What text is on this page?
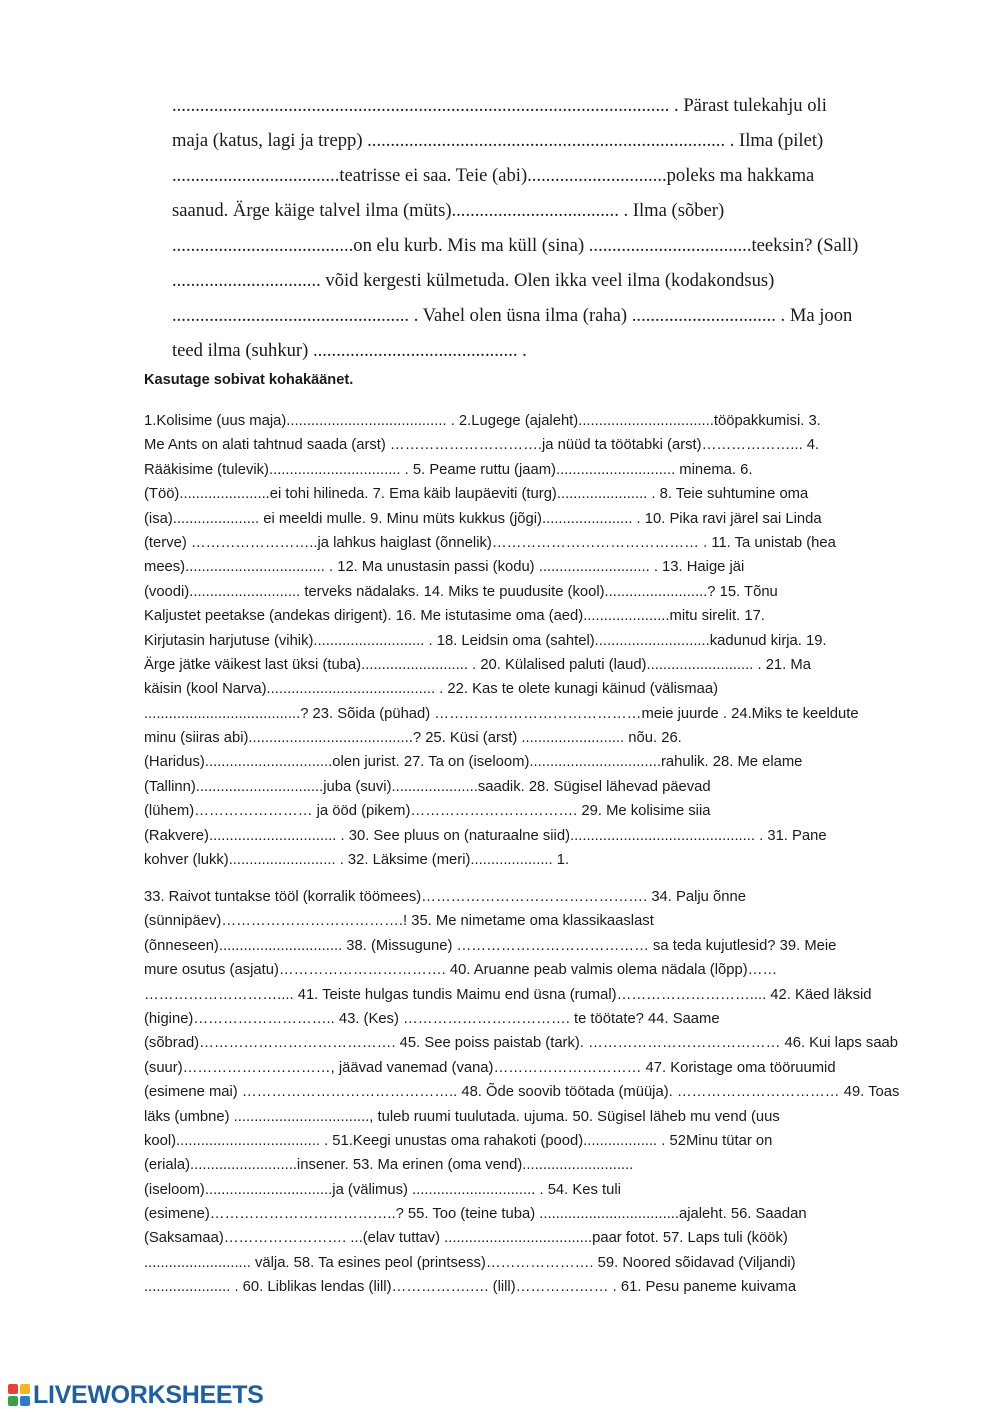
........................................................................................................... . Pärast tulekahju oli
maja (katus, lagi ja trepp) ............................................................................. . Ilma (pilet)
....................................teatrisse ei saa. Teie (abi)..............................poleks ma hakkama
saanud. Ärge käige talvel ilma (müts).................................... . Ilma (sõber)
.......................................on elu kurb. Mis ma küll (sina) ...................................teeksin? (Sall)
................................ võid kergesti külmetuda. Olen ikka veel ilma (kodakondsus)
................................................... . Vahel olen üsna ilma (raha) ............................... . Ma joon
teed ilma (suhkur) ............................................ .
Kasutage sobivat kohakäänet.
1.Kolisime (uus maja)....................................... . 2.Lugege (ajaleht).................................tööpakkumisi. 3.
Me Ants on alati tahtnud saada (arst) ………………………….ja nüüd ta töötabki (arst)………………... 4.
Rääkisime (tulevik)................................ . 5. Peame ruttu (jaam)............................. minema. 6.
(Töö)......................ei tohi hilineda. 7. Ema käib laupäeviti (turg)...................... . 8. Teie suhtumine oma
(isa)..................... ei meeldi mulle. 9. Minu müts kukkus (jõgi)...................... . 10. Pika ravi järel sai Linda
(terve) ……………………..ja lahkus haiglast (õnnelik)…………………………………… . 11. Ta unistab (hea
mees).................................. . 12. Ma unustasin passi (kodu) ........................... . 13. Haige jäi
(voodi)........................... terveks nädalaks. 14. Miks te puudusite (kool).........................? 15. Tõnu
Kaljustet peetakse (andekas dirigent). 16. Me istutasime oma (aed).....................mitu sirelit. 17.
Kirjutasin harjutuse (vihik)........................... . 18. Leidsin oma (sahtel)............................kadunud kirja. 19.
Ärge jätke väikest last üksi (tuba).......................... . 20. Külalised paluti (laud).......................... . 21. Ma
käisin (kool Narva)......................................... . 22. Kas te olete kunagi käinud (välismaa)
......................................? 23. Sõida (pühad) ……………………………………meie juurde . 24.Miks te keeldute
minu (siiras abi)........................................? 25. Küsi (arst) ......................... nõu. 26.
(Haridus)...............................olen jurist. 27. Ta on (iseloom)................................rahulik. 28. Me elame
(Tallinn)...............................juba (suvi).....................saadik. 28. Sügisel lähevad päevad
(lühem)…………………… ja ööd (pikem)……………………………. 29. Me kolisime siia
(Rakvere)............................... . 30. See pluus on (naturaalne siid)............................................. . 31. Pane
kohver (lukk).......................... . 32. Läksime (meri).................... 1.
33. Raivot tuntakse tööl (korralik töömees)………………………………………. 34. Palju õnne
(sünnipäev)……………………………….! 35. Me nimetame oma klassikaaslast
(õnneseen).............................. 38. (Missugune) ………………………………… sa teda kujutlesid? 39. Meie
mure osutus (asjatu)……………………………. 40. Aruanne peab valmis olema nädala (lõpp)……
……………………….... 41. Teiste hulgas tundis Maimu end üsna (rumal)……………………….... 42. Käed läksid
(higine)……………………….. 43. (Kes) ……………………………. te töötate? 44. Saame
(sõbrad)…………………………………. 45. See poiss paistab (tark). ………………………………… 46. Kui laps saab
(suur)…………………………, jäävad vanemad (vana)………………………… 47. Koristage oma tööruumid
(esimene mai) …………………………………….. 48. Õde soovib töötada (müüja). …………………………… 49. Toas
läks (umbne) ................................., tuleb ruumi tuulutada. ujuma. 50. Sügisel läheb mu vend (uus
kool)................................... . 51.Keegi unustas oma rahakoti (pood).................. . 52Minu tütar on
(eriala)..........................insener. 53. Ma erinen (oma vend)...........................
(iseloom)...............................ja (välimus) .............................. . 54. Kes tuli
(esimene)………………………………..? 55. Too (teine tuba) ..................................ajaleht. 56. Saadan
(Saksamaa)……………………. ...(elav tuttav) ....................................paar fotot. 57. Laps tuli (köök)
.......................... välja. 58. Ta esines peol (printsess)…………………. 59. Noored sõidavad (Viljandi)
..................... . 60. Liblikas lendas (lill)…………….…. (lill)………….…… . 61. Pesu paneme kuivama
LIVEWORKSHEETS
